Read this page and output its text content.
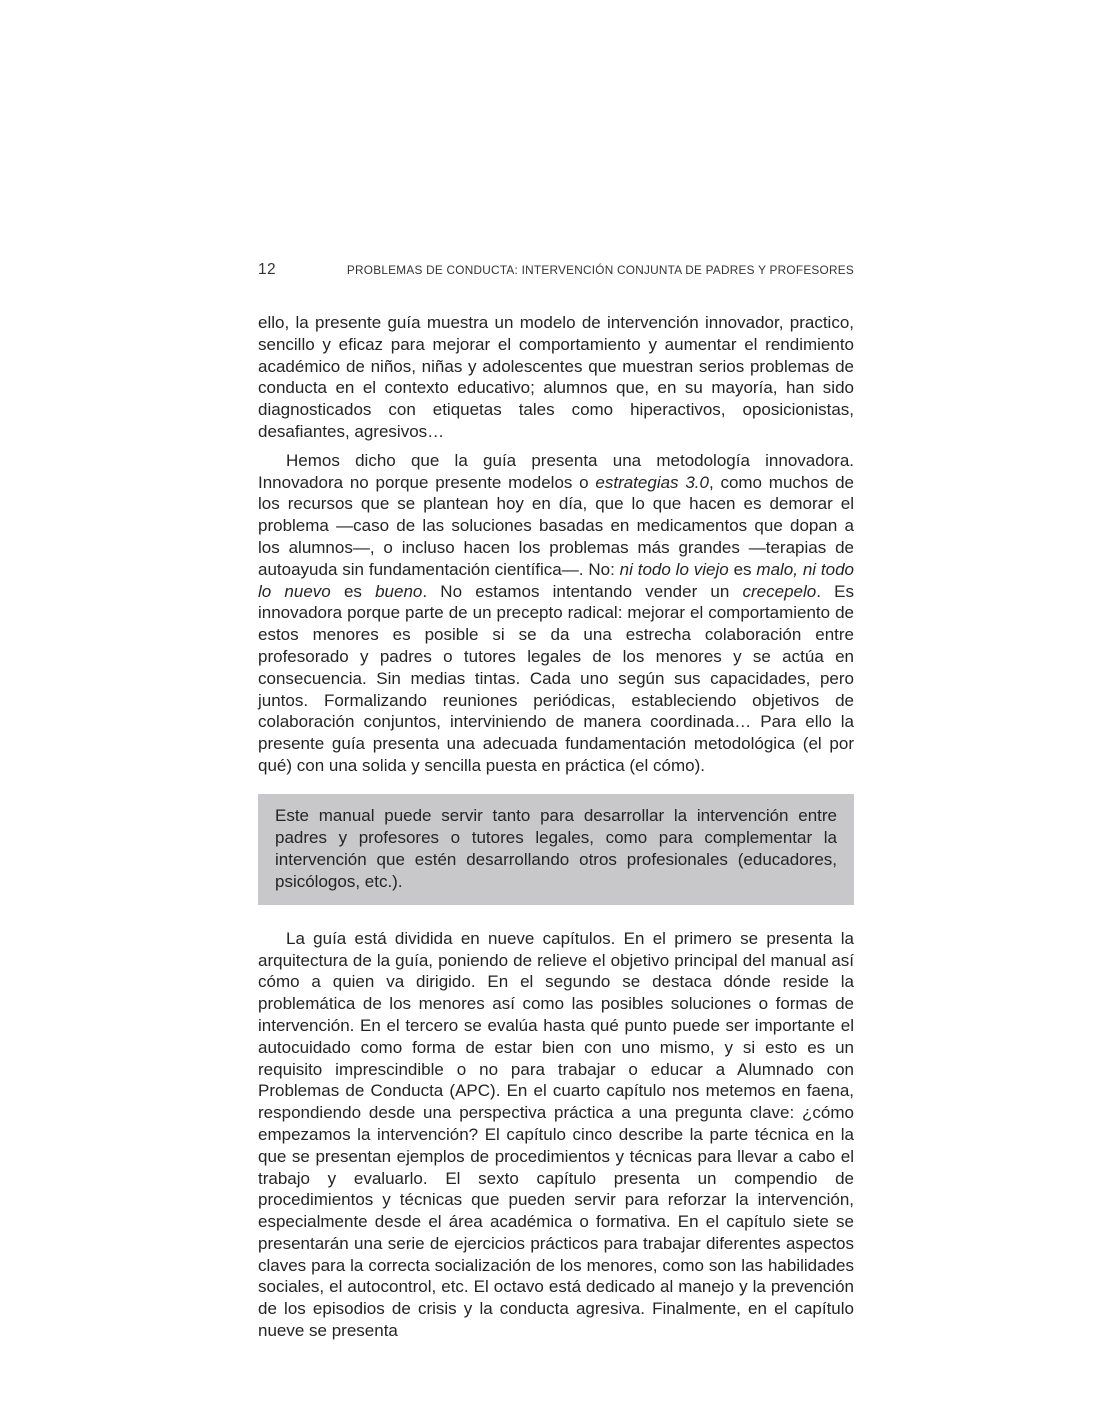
12	PROBLEMAS DE CONDUCTA: INTERVENCIÓN CONJUNTA DE PADRES Y PROFESORES
ello, la presente guía muestra un modelo de intervención innovador, practico, sencillo y eficaz para mejorar el comportamiento y aumentar el rendimiento académico de niños, niñas y adolescentes que muestran serios problemas de conducta en el contexto educativo; alumnos que, en su mayoría, han sido diagnosticados con etiquetas tales como hiperactivos, oposicionistas, desafiantes, agresivos…
Hemos dicho que la guía presenta una metodología innovadora. Innovadora no porque presente modelos o estrategias 3.0, como muchos de los recursos que se plantean hoy en día, que lo que hacen es demorar el problema —caso de las soluciones basadas en medicamentos que dopan a los alumnos—, o incluso hacen los problemas más grandes —terapias de autoayuda sin fundamentación científica—. No: ni todo lo viejo es malo, ni todo lo nuevo es bueno. No estamos intentando vender un crecepelo. Es innovadora porque parte de un precepto radical: mejorar el comportamiento de estos menores es posible si se da una estrecha colaboración entre profesorado y padres o tutores legales de los menores y se actúa en consecuencia. Sin medias tintas. Cada uno según sus capacidades, pero juntos. Formalizando reuniones periódicas, estableciendo objetivos de colaboración conjuntos, interviniendo de manera coordinada… Para ello la presente guía presenta una adecuada fundamentación metodológica (el por qué) con una solida y sencilla puesta en práctica (el cómo).
Este manual puede servir tanto para desarrollar la intervención entre padres y profesores o tutores legales, como para complementar la intervención que estén desarrollando otros profesionales (educadores, psicólogos, etc.).
La guía está dividida en nueve capítulos. En el primero se presenta la arquitectura de la guía, poniendo de relieve el objetivo principal del manual así cómo a quien va dirigido. En el segundo se destaca dónde reside la problemática de los menores así como las posibles soluciones o formas de intervención. En el tercero se evalúa hasta qué punto puede ser importante el autocuidado como forma de estar bien con uno mismo, y si esto es un requisito imprescindible o no para trabajar o educar a Alumnado con Problemas de Conducta (APC). En el cuarto capítulo nos metemos en faena, respondiendo desde una perspectiva práctica a una pregunta clave: ¿cómo empezamos la intervención? El capítulo cinco describe la parte técnica en la que se presentan ejemplos de procedimientos y técnicas para llevar a cabo el trabajo y evaluarlo. El sexto capítulo presenta un compendio de procedimientos y técnicas que pueden servir para reforzar la intervención, especialmente desde el área académica o formativa. En el capítulo siete se presentarán una serie de ejercicios prácticos para trabajar diferentes aspectos claves para la correcta socialización de los menores, como son las habilidades sociales, el autocontrol, etc. El octavo está dedicado al manejo y la prevención de los episodios de crisis y la conducta agresiva. Finalmente, en el capítulo nueve se presenta
